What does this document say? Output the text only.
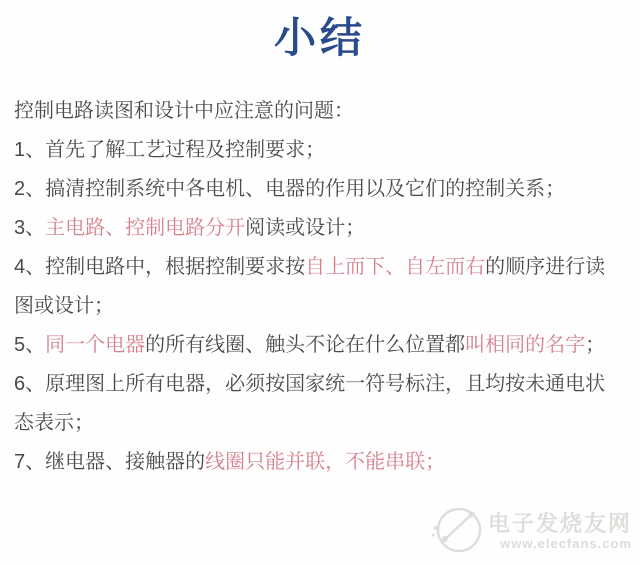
小结

控制电路读图和设计中应注意的问题：

1、首先了解工艺过程及控制要求；

2、搞清控制系统中各电机、电器的作用以及它们的控制关系；

3、主电路、控制电路分开阅读或设计；

4、控制电路中，根据控制要求按自上而下、自左而右的顺序进行读图或设计；

5、同一个电器的所有线圈、触头不论在什么位置都叫相同的名字；

6、原理图上所有电器，必须按国家统一符号标注，且均按未通电状态表示；

7、继电器、接触器的线圈只能并联，不能串联；

电子发烧友网
www.elecfans.com
